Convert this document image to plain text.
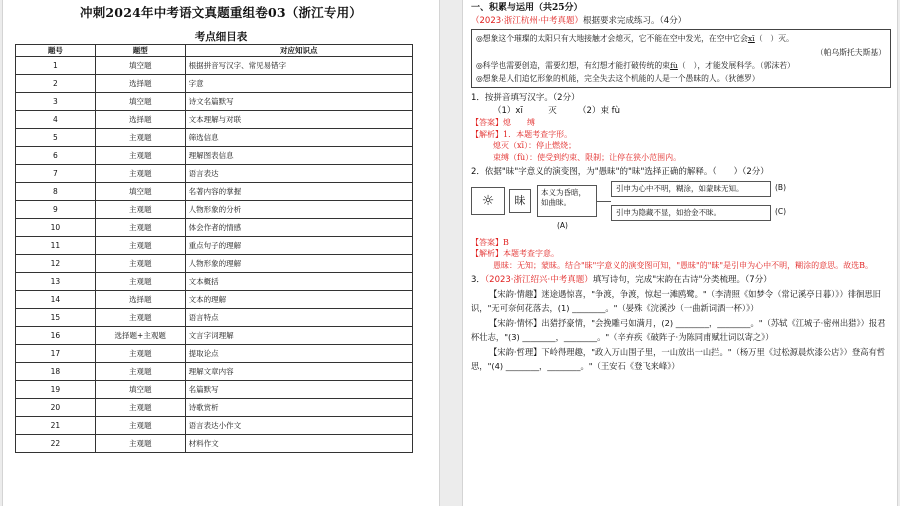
冲刺2024年中考语文真题重组卷03（浙江专用）
考点细目表
题号	题型	对应知识点
1	填空题	根据拼音写汉字、常见易错字
2	选择题	字意
3	填空题	诗文名篇默写
4	选择题	文本理解与对联
5	主观题	筛选信息
6	主观题	理解图表信息
7	主观题	语言表达
8	填空题	名著内容的掌握
9	主观题	人物形象的分析
10	主观题	体会作者的情感
11	主观题	重点句子的理解
12	主观题	人物形象的理解
13	主观题	文本概括
14	选择题	文本的理解
15	主观题	语言特点
16	选择题+主观题	文言字词理解
17	主观题	提取论点
18	主观题	理解文章内容
19	填空题	名篇默写
20	主观题	诗歌赏析
21	主观题	语言表达小作文
22	主观题	材料作文
一、积累与运用（共25分）
（2023·浙江杭州·中考真题）根据要求完成练习。（4分）
◎想象这个璀璨的太阳只有大地接触才会熄灭，它不能在空中发光，在空中它会xī（　）灭。
（帕乌斯托夫斯基）
◎科学也需要创造，需要幻想，有幻想才能打破传统的束fù（　），才能发展科学。（郭沫若）
◎想象是人们追忆形象的机能，完全失去这个机能的人是一个愚昧的人。（狄德罗）
1．按拼音填写汉字。（2分）
（1）xī　　　灭　　　（2）束 fù
【答案】熄　　缚
【解析】1．本题考查字形。
熄灭（xī）：停止燃烧；
束缚（fù）：使受到约束、限制；让停在狭小范围内。
2．依据"昧"字意义的演变图，为"愚昧"的"昧"选择正确的解释。（　　）（2分）
☼	昧
本义为昏暗，如曲昧。
引申为心中不明，糊涂，如蒙昧无知。
引申为隐藏不显，如拾金不昧。
(B)
(C)
(A)
【答案】B
【解析】本题考查字意。
愚昧：无知；蒙昧。结合"昧"字意义的演变图可知，"愚昧"的"昧"是引申为心中不明，糊涂的意思。故选B。
3．（2023·浙江绍兴·中考真题）填写诗句，完成"宋韵在古诗"分类梳理。（7分）
【宋韵·情趣】迷途遇惊喜，"争渡，争渡，惊起一滩鸥鹭。"（李清照《如梦令（常记溪亭日暮）》）徘徊思旧识，"无可奈何花落去，(1) ________。"（晏殊《浣溪沙（一曲新词酒一杯）》）
【宋韵·情怀】出猎抒豪情，"会挽雕弓如满月，(2) ________，________。"（苏轼《江城子·密州出猎》）报君杯壮志，"(3) ________，________。"（辛弃疾《破阵子·为陈同甫赋壮词以寄之》）
【宋韵·哲理】下岭得理趣，"政入万山围子里，一山放出一山拦。"（杨万里《过松源晨炊漆公店》）登高有哲思，"(4) ________，________。"（王安石《登飞来峰》）
